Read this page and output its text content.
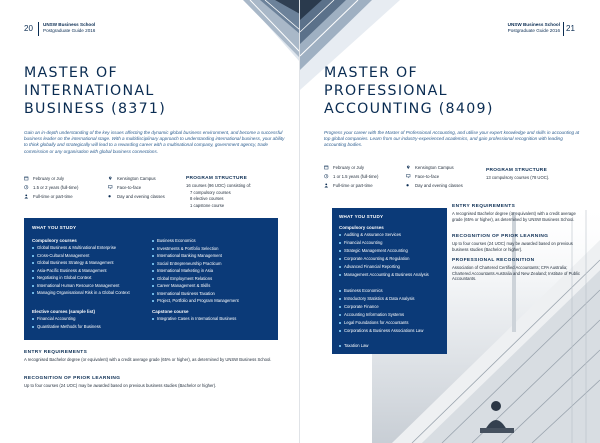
20 UNSW Business School
Postgraduate Guide 2016
MASTER OF
INTERNATIONAL
BUSINESS (8371)
Gain an in-depth understanding of the key issues affecting the dynamic global business environment, and become a successful business leader on the international stage. With a multidisciplinary approach to understanding international business, your ability to think globally and strategically will lead to a rewarding career with a multinational company, government agency, trade commission or any organisation with global business connections.
February or July
1.5 or 2 years (full-time)
Full-time or part-time
Kensington Campus
Face-to-face
Day and evening classes
PROGRAM STRUCTURE
16 courses (96 UOC) consisting of:
7 compulsory courses
8 elective courses
1 capstone course
WHAT YOU STUDY
Compulsory courses
Global Business & Multinational Enterprise
Cross-Cultural Management
Global Business Strategy & Management
Asia-Pacific Business & Management
Negotiating in Global Context
International Human Resource Management
Managing Organisational Risk in a Global Context
Elective courses (sample list)
Financial Accounting
Quantitative Methods for Business
Business Economics
Investments & Portfolio Selection
International Banking Management
Social Entrepreneurship Practicum
International Marketing in Asia
Global Employment Relations
Career Management & Skills
International Business Taxation
Project, Portfolio and Program Management
Capstone course
Integrative Cases in International Business
ENTRY REQUIREMENTS
A recognised Bachelor degree (or equivalent) with a credit average grade (65% or higher), as determined by UNSW Business School.
RECOGNITION OF PRIOR LEARNING
Up to four courses (24 UOC) may be awarded based on previous business studies (Bachelor or higher).
UNSW Business School
Postgraduate Guide 2016 21
MASTER OF
PROFESSIONAL
ACCOUNTING (8409)
Progress your career with the Master of Professional Accounting, and utilise your expert knowledge and skills in accounting at top global companies. Learn from our industry-experienced academics, and gain professional recognition with leading accounting bodies.
February or July
1 or 1.5 years (full-time)
Full-time or part-time
Kensington Campus
Face-to-face
Day and evening classes
PROGRAM STRUCTURE
13 compulsory courses (78 UOC).
WHAT YOU STUDY
Compulsory courses
Auditing & Assurance Services
Financial Accounting
Strategic Management Accounting
Corporate Accounting & Regulation
Advanced Financial Reporting
Management Accounting & Business Analysis
Business Economics
Introductory Statistics & Data Analysis
Corporate Finance
Accounting Information Systems
Legal Foundations for Accountants
Corporations & Business Associations Law
Taxation Law
ENTRY REQUIREMENTS
A recognised Bachelor degree (or equivalent) with a credit average grade (65% or higher), as determined by UNSW Business School.
RECOGNITION OF PRIOR LEARNING
Up to four courses (24 UOC) may be awarded based on previous business studies (Bachelor or higher).
PROFESSIONAL RECOGNITION
Association of Chartered Certified Accountants; CPA Australia; Chartered Accountants Australia and New Zealand; Institute of Public Accountants.
